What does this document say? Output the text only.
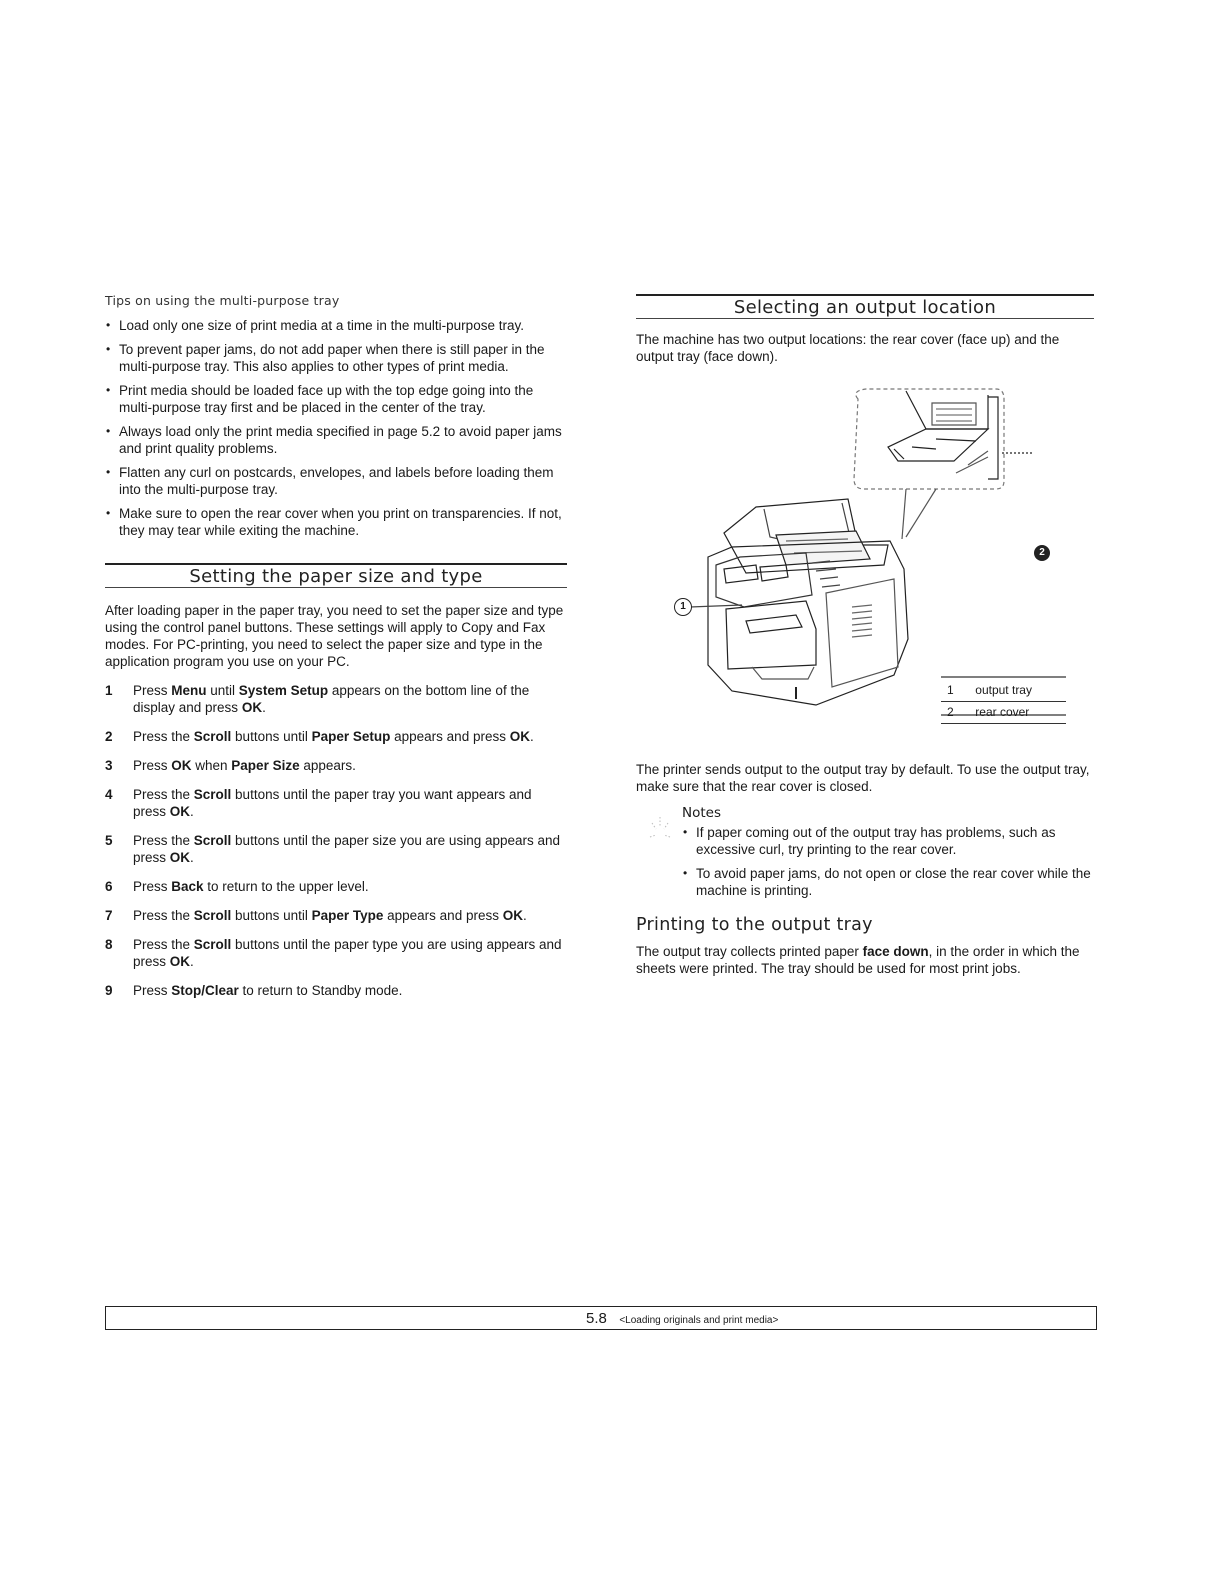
Tips on using the multi-purpose tray
• Load only one size of print media at a time in the multi-purpose tray.
• To prevent paper jams, do not add paper when there is still paper in the multi-purpose tray. This also applies to other types of print media.
• Print media should be loaded face up with the top edge going into the multi-purpose tray first and be placed in the center of the tray.
• Always load only the print media specified in page 5.2 to avoid paper jams and print quality problems.
• Flatten any curl on postcards, envelopes, and labels before loading them into the multi-purpose tray.
• Make sure to open the rear cover when you print on transparencies. If not, they may tear while exiting the machine.
Setting the paper size and type

After loading paper in the paper tray, you need to set the paper size and type using the control panel buttons. These settings will apply to Copy and Fax modes. For PC-printing, you need to select the paper size and type in the application program you use on your PC.

1 Press Menu until System Setup appears on the bottom line of the display and press OK.
2 Press the Scroll buttons until Paper Setup appears and press OK.
3 Press OK when Paper Size appears.
4 Press the Scroll buttons until the paper tray you want appears and press OK.
5 Press the Scroll buttons until the paper size you are using appears and press OK.
6 Press Back to return to the upper level.
7 Press the Scroll buttons until Paper Type appears and press OK.
8 Press the Scroll buttons until the paper type you are using appears and press OK.
9 Press Stop/Clear to return to Standby mode.
Selecting an output location

The machine has two output locations: the rear cover (face up) and the output tray (face down).

1
2
1	output tray
2	rear cover

The printer sends output to the output tray by default. To use the output tray, make sure that the rear cover is closed.

Notes
• If paper coming out of the output tray has problems, such as excessive curl, try printing to the rear cover.
• To avoid paper jams, do not open or close the rear cover while the machine is printing.
Printing to the output tray

The output tray collects printed paper face down, in the order in which the sheets were printed. The tray should be used for most print jobs.

5.8 <Loading originals and print media>
